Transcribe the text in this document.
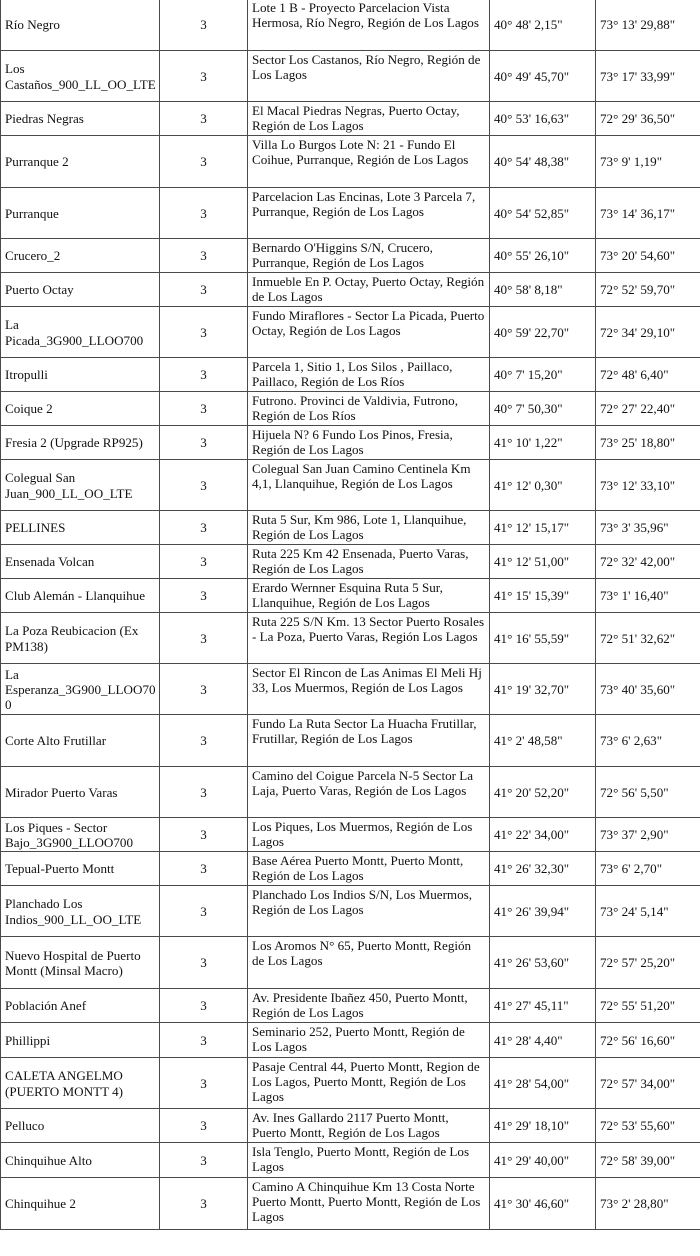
Río Negro	3	Lote 1 B - Proyecto Parcelacion Vista Hermosa, Río Negro, Región de Los Lagos	40° 48' 2,15"	73° 13' 29,88"
Los Castaños_900_LL_OO_LTE	3	Sector Los Castanos, Río Negro, Región de Los Lagos	40° 49' 45,70"	73° 17' 33,99"
Piedras Negras	3	El Macal Piedras Negras, Puerto Octay, Región de Los Lagos	40° 53' 16,63"	72° 29' 36,50"
Purranque 2	3	Villa Lo Burgos Lote N: 21 - Fundo El Coihue, Purranque, Región de Los Lagos	40° 54' 48,38"	73° 9' 1,19"
Purranque	3	Parcelacion Las Encinas, Lote 3 Parcela 7, Purranque, Región de Los Lagos	40° 54' 52,85"	73° 14' 36,17"
Crucero_2	3	Bernardo O'Higgins S/N, Crucero, Purranque, Región de Los Lagos	40° 55' 26,10"	73° 20' 54,60"
Puerto Octay	3	Inmueble En P. Octay, Puerto Octay, Región de Los Lagos	40° 58' 8,18"	72° 52' 59,70"
La Picada_3G900_LLOO700	3	Fundo Miraflores - Sector La Picada, Puerto Octay, Región de Los Lagos	40° 59' 22,70"	72° 34' 29,10"
Itropulli	3	Parcela 1, Sitio 1, Los Silos , Paillaco, Paillaco, Región de Los Ríos	40° 7' 15,20"	72° 48' 6,40"
Coique 2	3	Futrono. Provinci de Valdivia, Futrono, Región de Los Ríos	40° 7' 50,30"	72° 27' 22,40"
Fresia 2 (Upgrade RP925)	3	Hijuela N? 6 Fundo Los Pinos, Fresia, Región de Los Lagos	41° 10' 1,22"	73° 25' 18,80"
Colegual San Juan_900_LL_OO_LTE	3	Colegual San Juan Camino Centinela Km 4,1, Llanquihue, Región de Los Lagos	41° 12' 0,30"	73° 12' 33,10"
PELLINES	3	Ruta 5 Sur, Km 986, Lote 1, Llanquihue, Región de Los Lagos	41° 12' 15,17"	73° 3' 35,96"
Ensenada Volcan	3	Ruta 225 Km 42 Ensenada, Puerto Varas, Región de Los Lagos	41° 12' 51,00"	72° 32' 42,00"
Club Alemán - Llanquihue	3	Erardo Wernner Esquina Ruta 5 Sur, Llanquihue, Región de Los Lagos	41° 15' 15,39"	73° 1' 16,40"
La Poza Reubicacion (Ex PM138)	3	Ruta 225 S/N Km. 13 Sector Puerto Rosales - La Poza, Puerto Varas, Región Los Lagos	41° 16' 55,59"	72° 51' 32,62"
La Esperanza_3G900_LLOO700	3	Sector El Rincon de Las Animas El Meli Hj 33, Los Muermos, Región de Los Lagos	41° 19' 32,70"	73° 40' 35,60"
Corte Alto Frutillar	3	Fundo La Ruta Sector La Huacha Frutillar, Frutillar, Región de Los Lagos	41° 2' 48,58"	73° 6' 2,63"
Mirador Puerto Varas	3	Camino del Coigue Parcela N-5 Sector La Laja, Puerto Varas, Región de Los Lagos	41° 20' 52,20"	72° 56' 5,50"
Los Piques - Sector Bajo_3G900_LLOO700	3	Los Piques, Los Muermos, Región de Los Lagos	41° 22' 34,00"	73° 37' 2,90"
Tepual-Puerto Montt	3	Base Aérea Puerto Montt, Puerto Montt, Región de Los Lagos	41° 26' 32,30"	73° 6' 2,70"
Planchado Los Indios_900_LL_OO_LTE	3	Planchado Los Indios S/N, Los Muermos, Región de Los Lagos	41° 26' 39,94"	73° 24' 5,14"
Nuevo Hospital de Puerto Montt (Minsal Macro)	3	Los Aromos N° 65, Puerto Montt, Región de Los Lagos	41° 26' 53,60"	72° 57' 25,20"
Población Anef	3	Av. Presidente Ibañez 450, Puerto Montt, Región de Los Lagos	41° 27' 45,11"	72° 55' 51,20"
Phillippi	3	Seminario 252, Puerto Montt, Región de Los Lagos	41° 28' 4,40"	72° 56' 16,60"
CALETA ANGELMO (PUERTO MONTT 4)	3	Pasaje Central 44, Puerto Montt, Region de Los Lagos, Puerto Montt, Región de Los Lagos	41° 28' 54,00"	72° 57' 34,00"
Pelluco	3	Av. Ines Gallardo 2117 Puerto Montt, Puerto Montt, Región de Los Lagos	41° 29' 18,10"	72° 53' 55,60"
Chinquihue Alto	3	Isla Tenglo, Puerto Montt, Región de Los Lagos	41° 29' 40,00"	72° 58' 39,00"
Chinquihue 2	3	Camino A Chinquihue Km 13 Costa Norte Puerto Montt, Puerto Montt, Región de Los Lagos	41° 30' 46,60"	73° 2' 28,80"
